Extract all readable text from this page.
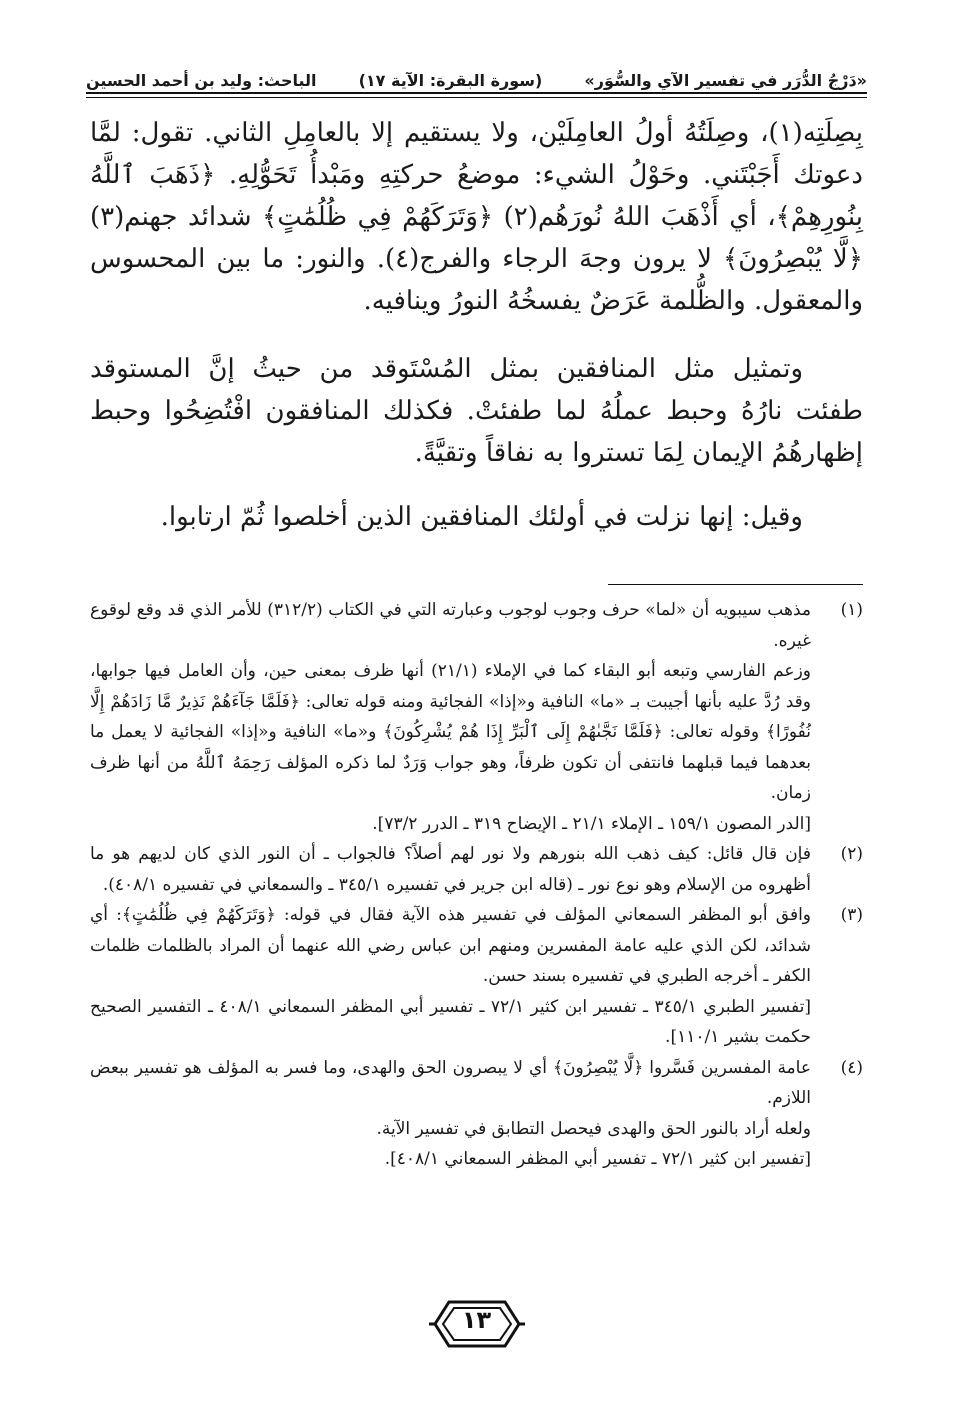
«دَرْجُ الدُّرَر في تفسير الآي والسُّوَر»
(سورة البقرة: الآية ١٧)
الباحث: وليد بن أحمد الحسين

بِصِلَتِه(١)، وصِلَتُهُ أولُ العامِلَيْن، ولا يستقيم إلا بالعامِلِ الثاني. تقول: لمَّا دعوتك أَجَبْتَني. وحَوْلُ الشيء: موضعُ حركتِهِ ومَبْدأُ تَحَوُّلِهِ. ﴿ذَهَبَ ٱللَّهُ بِنُورِهِمْ﴾، أي أَذْهَبَ اللهُ نُورَهُم(٢) ﴿وَتَرَكَهُمْ فِي ظُلُمَٰتٍ﴾ شدائد جهنم(٣) ﴿لَّا يُبْصِرُونَ﴾ لا يرون وجهَ الرجاء والفرج(٤). والنور: ما بين المحسوس والمعقول. والظُّلمة عَرَضٌ يفسخُهُ النورُ وينافيه.

وتمثيل مثل المنافقين بمثل المُسْتَوقد من حيثُ إنَّ المستوقد طفئت نارُهُ وحبط عملُهُ لما طفئتْ. فكذلك المنافقون افْتُضِحُوا وحبط إظهارهُمُ الإيمان لِمَا تستروا به نفاقاً وتقيَّةً.

وقيل: إنها نزلت في أولئك المنافقين الذين أخلصوا ثُمّ ارتابوا.

(١)

مذهب سيبويه أن «لما» حرف وجوب لوجوب وعبارته التي في الكتاب (٣١٢/٢) للأمر الذي قد وقع لوقوع غيره.

وزعم الفارسي وتبعه أبو البقاء كما في الإملاء (٢١/١) أنها ظرف بمعنى حين، وأن العامل فيها جوابها، وقد رُدَّ عليه بأنها أجيبت بـ «ما» النافية و«إذا» الفجائية ومنه قوله تعالى: ﴿فَلَمَّا جَآءَهُمْ نَذِيرٌ مَّا زَادَهُمْ إِلَّا نُفُورًا﴾ وقوله تعالى: ﴿فَلَمَّا نَجَّىٰهُمْ إِلَى ٱلْبَرِّ إِذَا هُمْ يُشْرِكُونَ﴾ و«ما» النافية و«إذا» الفجائية لا يعمل ما بعدهما فيما قبلهما فانتفى أن تكون ظرفاً، وهو جواب وَرَدٌ لما ذكره المؤلف رَحِمَهُ ٱللَّهُ من أنها ظرف زمان.

[الدر المصون ١٥٩/١ ـ الإملاء ٢١/١ ـ الإيضاح ٣١٩ ـ الدرر ٧٣/٢].

(٢)

فإن قال قائل: كيف ذهب الله بنورهم ولا نور لهم أصلاً؟ فالجواب ـ أن النور الذي كان لديهم هو ما أظهروه من الإسلام وهو نوع نور ـ (قاله ابن جرير في تفسيره ٣٤٥/١ ـ والسمعاني في تفسيره ٤٠٨/١).

(٣)

وافق أبو المظفر السمعاني المؤلف في تفسير هذه الآية فقال في قوله: ﴿وَتَرَكَهُمْ فِي ظُلُمَٰتٍ﴾: أي شدائد، لكن الذي عليه عامة المفسرين ومنهم ابن عباس رضي الله عنهما أن المراد بالظلمات ظلمات الكفر ـ أخرجه الطبري في تفسيره بسند حسن.

[تفسير الطبري ٣٤٥/١ ـ تفسير ابن كثير ٧٢/١ ـ تفسير أبي المظفر السمعاني ٤٠٨/١ ـ التفسير الصحيح حكمت بشير ١١٠/١].

(٤)

عامة المفسرين فَسَّروا ﴿لَّا يُبْصِرُونَ﴾ أي لا يبصرون الحق والهدى، وما فسر به المؤلف هو تفسير ببعض اللازم.

ولعله أراد بالنور الحق والهدى فيحصل التطابق في تفسير الآية.

[تفسير ابن كثير ٧٢/١ ـ تفسير أبي المظفر السمعاني ٤٠٨/١].

١٣
